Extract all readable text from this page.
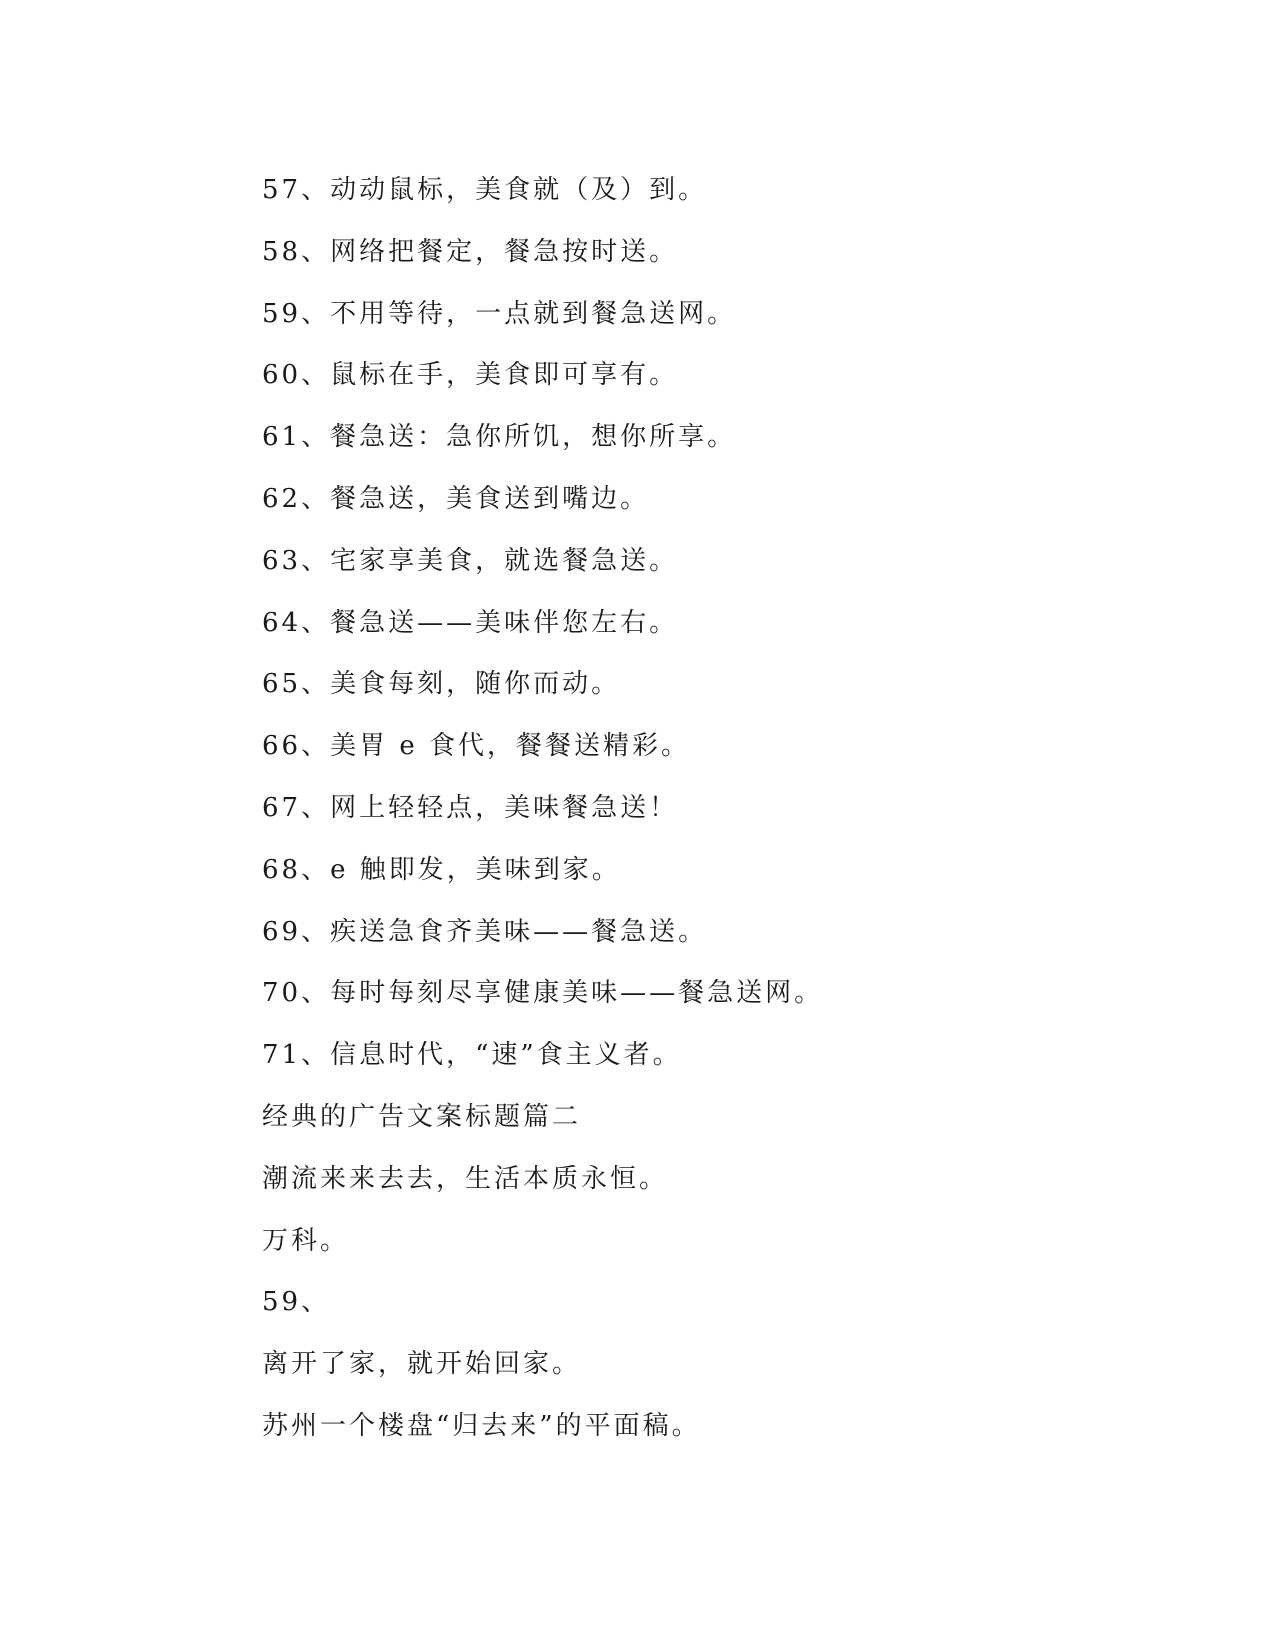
57、动动鼠标，美食就（及）到。

58、网络把餐定，餐急按时送。

59、不用等待，一点就到餐急送网。

60、鼠标在手，美食即可享有。

61、餐急送：急你所饥，想你所享。

62、餐急送，美食送到嘴边。

63、宅家享美食，就选餐急送。

64、餐急送——美味伴您左右。

65、美食每刻，随你而动。

66、美胃 e 食代，餐餐送精彩。

67、网上轻轻点，美味餐急送！

68、e 触即发，美味到家。

69、疾送急食齐美味——餐急送。

70、每时每刻尽享健康美味——餐急送网。

71、信息时代，“速”食主义者。

经典的广告文案标题篇二

潮流来来去去，生活本质永恒。

万科。

59、

离开了家，就开始回家。

苏州一个楼盘“归去来”的平面稿。
